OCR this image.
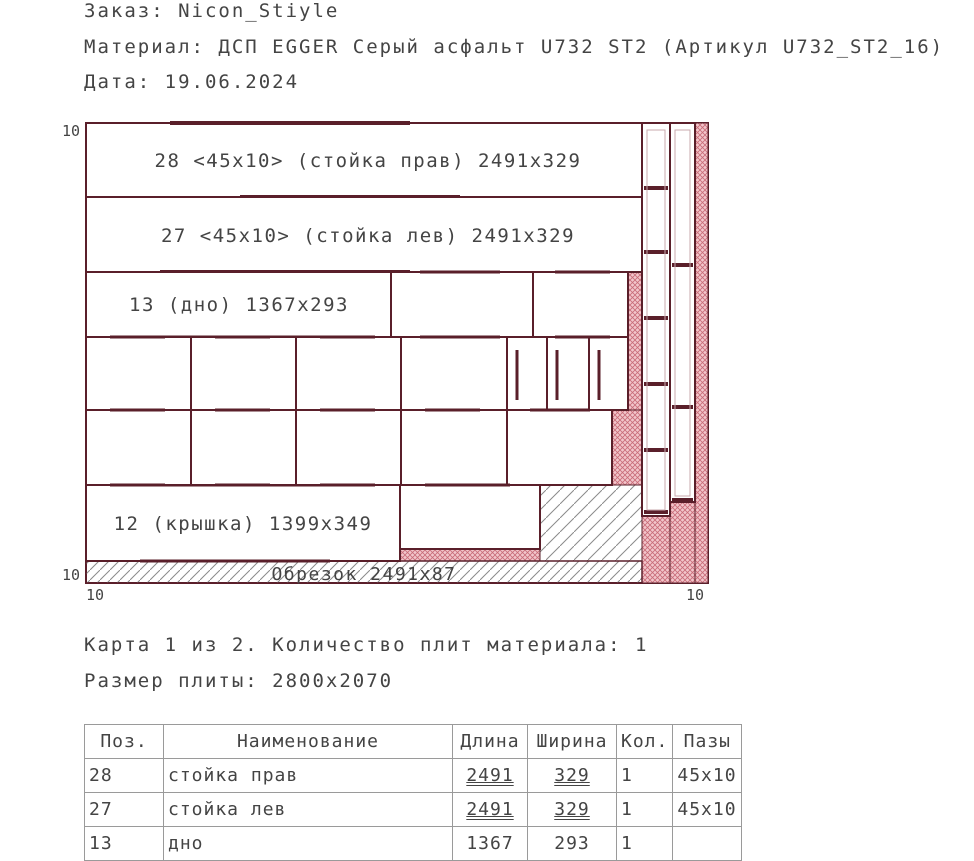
Заказ: Nicon_Stiyle
Материал: ДСП EGGER Серый асфальт U732 ST2 (Артикул U732_ST2_16)
Дата: 19.06.2024
10
10
10	10
28 <45x10> (стойка прав) 2491x329
27 <45x10> (стойка лев) 2491x329
13 (дно) 1367x293
12 (крышка) 1399x349
Обрезок 2491x87
Карта 1 из 2. Количество плит материала: 1
Размер плиты: 2800x2070
Поз.	Наименование	Длина	Ширина	Кол.	Пазы
28	стойка прав	2491	329	1	45x10
27	стойка лев	2491	329	1	45x10
13	дно	1367	293	1	
